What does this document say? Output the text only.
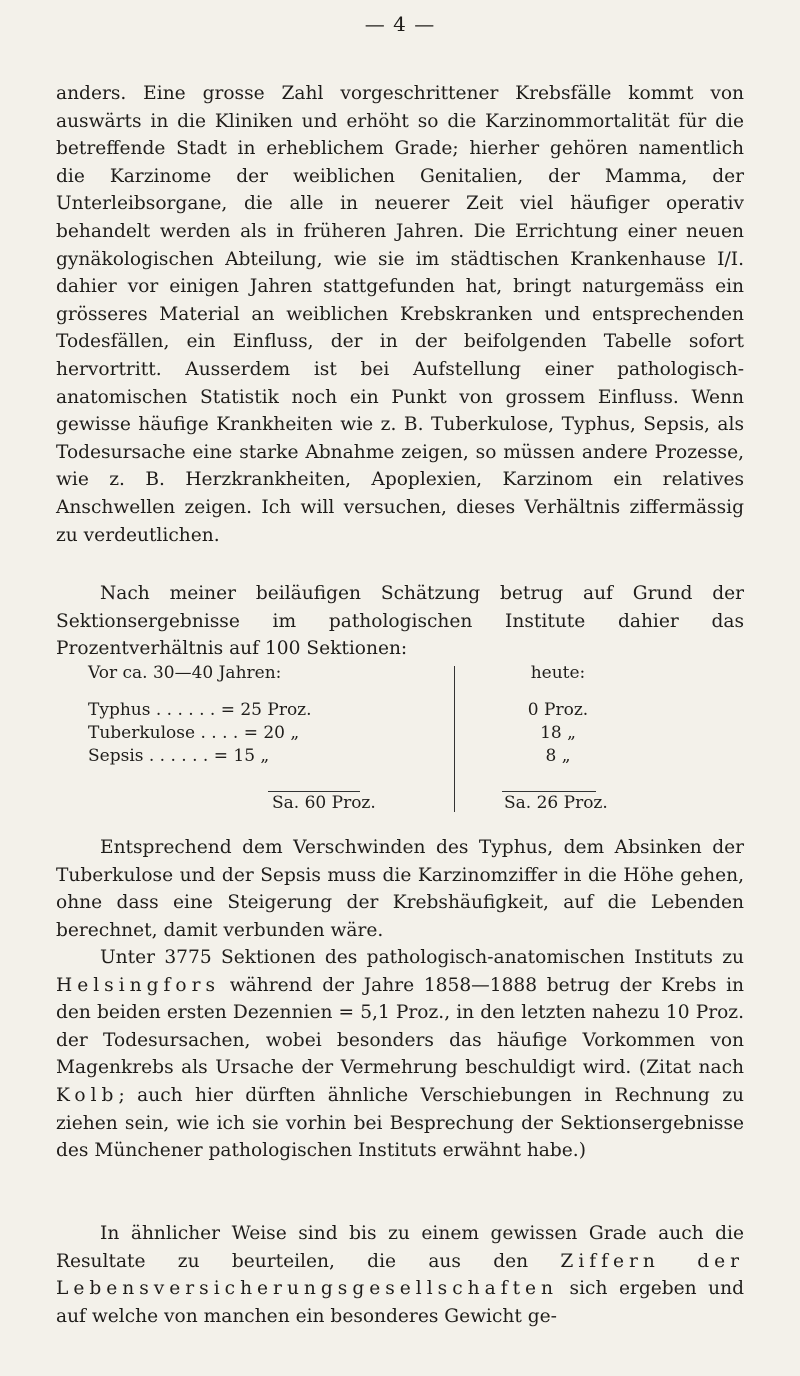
— 4 —

anders. Eine grosse Zahl vorgeschrittener Krebsfälle kommt von auswärts in die Kliniken und erhöht so die Karzinommortalität für die betreffende Stadt in erheblichem Grade; hierher gehören namentlich die Karzinome der weiblichen Genitalien, der Mamma, der Unterleibsorgane, die alle in neuerer Zeit viel häufiger operativ behandelt werden als in früheren Jahren. Die Errichtung einer neuen gynäkologischen Abteilung, wie sie im städtischen Krankenhause I/I. dahier vor einigen Jahren stattgefunden hat, bringt naturgemäss ein grösseres Material an weiblichen Krebskranken und entsprechenden Todesfällen, ein Einfluss, der in der beifolgenden Tabelle sofort hervortritt. Ausserdem ist bei Aufstellung einer pathologisch-anatomischen Statistik noch ein Punkt von grossem Einfluss. Wenn gewisse häufige Krankheiten wie z. B. Tuberkulose, Typhus, Sepsis, als Todesursache eine starke Abnahme zeigen, so müssen andere Prozesse, wie z. B. Herzkrankheiten, Apoplexien, Karzinom ein relatives Anschwellen zeigen. Ich will versuchen, dieses Verhältnis ziffermässig zu verdeutlichen.

Nach meiner beiläufigen Schätzung betrug auf Grund der Sektionsergebnisse im pathologischen Institute dahier das Prozentverhältnis auf 100 Sektionen:

Vor ca. 30—40 Jahren:
Typhus . . . . . . = 25 Proz.
Tuberkulose . . . . = 20 „
Sepsis . . . . . . = 15 „
Sa. 60 Proz.
heute:
0 Proz.
18 „
8 „
Sa. 26 Proz.

Entsprechend dem Verschwinden des Typhus, dem Absinken der Tuberkulose und der Sepsis muss die Karzinomziffer in die Höhe gehen, ohne dass eine Steigerung der Krebshäufigkeit, auf die Lebenden berechnet, damit verbunden wäre.

Unter 3775 Sektionen des pathologisch-anatomischen Instituts zu Helsingfors während der Jahre 1858—1888 betrug der Krebs in den beiden ersten Dezennien = 5,1 Proz., in den letzten nahezu 10 Proz. der Todesursachen, wobei besonders das häufige Vorkommen von Magenkrebs als Ursache der Vermehrung beschuldigt wird. (Zitat nach Kolb; auch hier dürften ähnliche Verschiebungen in Rechnung zu ziehen sein, wie ich sie vorhin bei Besprechung der Sektionsergebnisse des Münchener pathologischen Instituts erwähnt habe.)

In ähnlicher Weise sind bis zu einem gewissen Grade auch die Resultate zu beurteilen, die aus den Ziffern der Lebensversicherungsgesellschaften sich ergeben und auf welche von manchen ein besonderes Gewicht ge-
